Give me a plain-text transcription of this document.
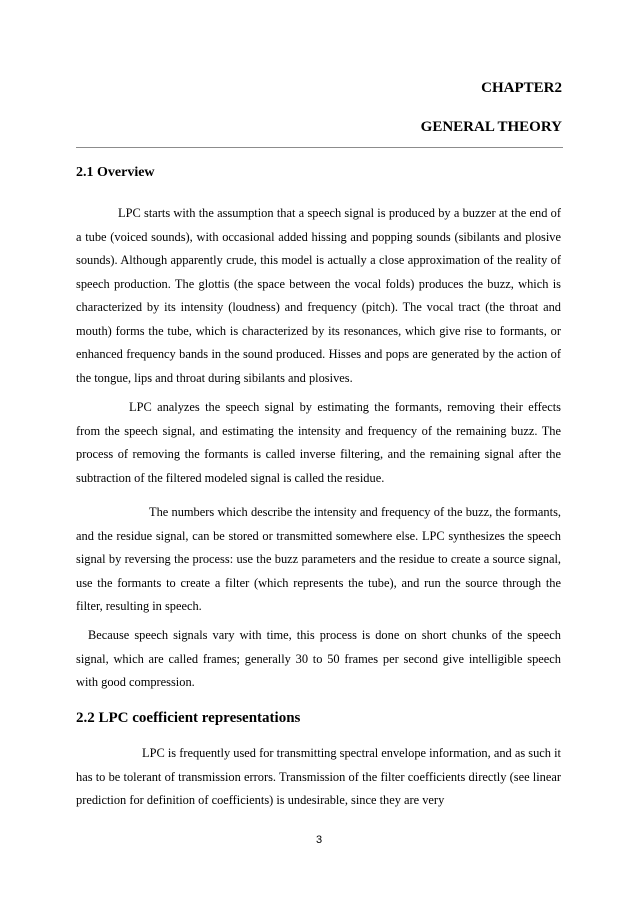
CHAPTER2
GENERAL THEORY
2.1 Overview

LPC starts with the assumption that a speech signal is produced by a buzzer at the end of a tube (voiced sounds), with occasional added hissing and popping sounds (sibilants and plosive sounds). Although apparently crude, this model is actually a close approximation of the reality of speech production. The glottis (the space between the vocal folds) produces the buzz, which is characterized by its intensity (loudness) and frequency (pitch). The vocal tract (the throat and mouth) forms the tube, which is characterized by its resonances, which give rise to formants, or enhanced frequency bands in the sound produced. Hisses and pops are generated by the action of the tongue, lips and throat during sibilants and plosives.

LPC analyzes the speech signal by estimating the formants, removing their effects from the speech signal, and estimating the intensity and frequency of the remaining buzz. The process of removing the formants is called inverse filtering, and the remaining signal after the subtraction of the filtered modeled signal is called the residue.

The numbers which describe the intensity and frequency of the buzz, the formants, and the residue signal, can be stored or transmitted somewhere else. LPC synthesizes the speech signal by reversing the process: use the buzz parameters and the residue to create a source signal, use the formants to create a filter (which represents the tube), and run the source through the filter, resulting in speech.

Because speech signals vary with time, this process is done on short chunks of the speech signal, which are called frames; generally 30 to 50 frames per second give intelligible speech with good compression.

2.2 LPC coefficient representations

LPC is frequently used for transmitting spectral envelope information, and as such it has to be tolerant of transmission errors. Transmission of the filter coefficients directly (see linear prediction for definition of coefficients) is undesirable, since they are very

3
